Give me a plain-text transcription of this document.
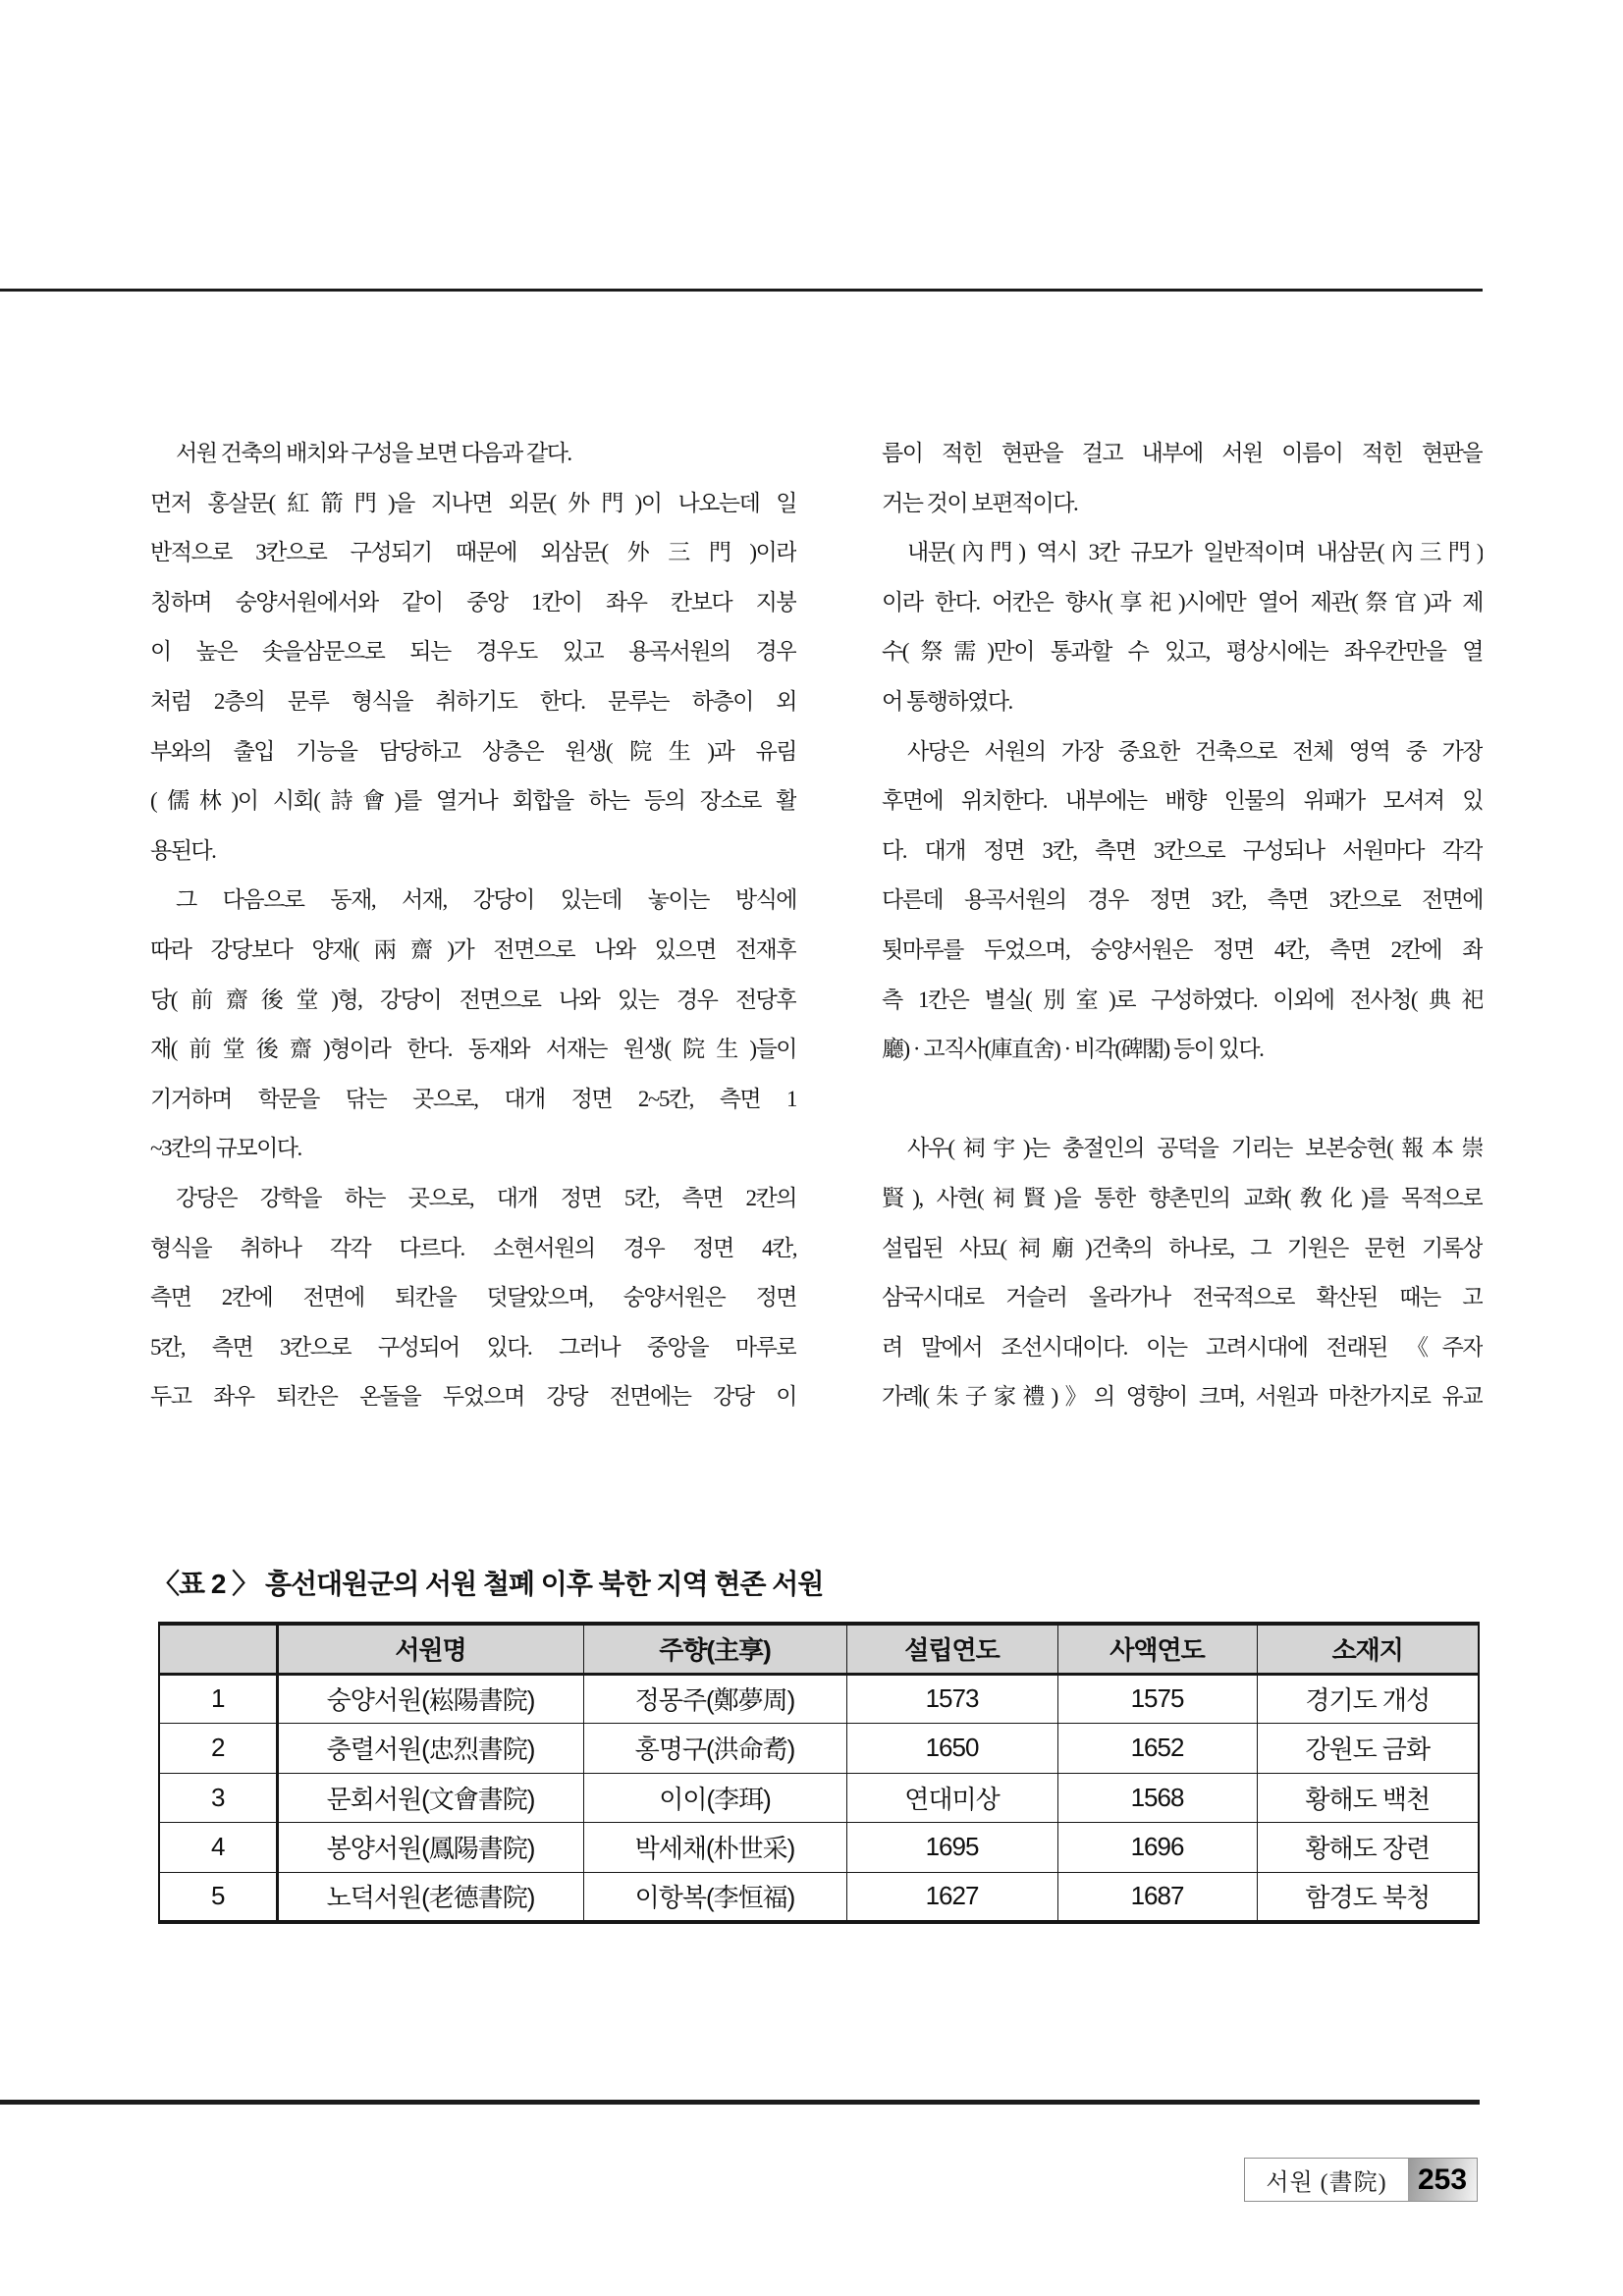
서원 건축의 배치와 구성을 보면 다음과 같다.
먼저 홍살문(紅箭門)을 지나면 외문(外門)이 나오는데 일
반적으로 3칸으로 구성되기 때문에 외삼문(外三門)이라
칭하며 숭양서원에서와 같이 중앙 1칸이 좌우 칸보다 지붕
이 높은 솟을삼문으로 되는 경우도 있고 용곡서원의 경우
처럼 2층의 문루 형식을 취하기도 한다. 문루는 하층이 외
부와의 출입 기능을 담당하고 상층은 원생(院生)과 유림
(儒林)이 시회(詩會)를 열거나 회합을 하는 등의 장소로 활
용된다.
그 다음으로 동재, 서재, 강당이 있는데 놓이는 방식에
따라 강당보다 양재(兩齋)가 전면으로 나와 있으면 전재후
당(前齋後堂)형, 강당이 전면으로 나와 있는 경우 전당후
재(前堂後齋)형이라 한다. 동재와 서재는 원생(院生)들이
기거하며 학문을 닦는 곳으로, 대개 정면 2~5칸, 측면 1
~3칸의 규모이다.
강당은 강학을 하는 곳으로, 대개 정면 5칸, 측면 2칸의
형식을 취하나 각각 다르다. 소현서원의 경우 정면 4칸,
측면 2칸에 전면에 퇴칸을 덧달았으며, 숭양서원은 정면
5칸, 측면 3칸으로 구성되어 있다. 그러나 중앙을 마루로
두고 좌우 퇴칸은 온돌을 두었으며 강당 전면에는 강당 이
름이 적힌 현판을 걸고 내부에 서원 이름이 적힌 현판을
거는 것이 보편적이다.
내문(內門) 역시 3칸 규모가 일반적이며 내삼문(內三門)
이라 한다. 어칸은 향사(享祀)시에만 열어 제관(祭官)과 제
수(祭需)만이 통과할 수 있고, 평상시에는 좌우칸만을 열
어 통행하였다.
사당은 서원의 가장 중요한 건축으로 전체 영역 중 가장
후면에 위치한다. 내부에는 배향 인물의 위패가 모셔져 있
다. 대개 정면 3칸, 측면 3칸으로 구성되나 서원마다 각각
다른데 용곡서원의 경우 정면 3칸, 측면 3칸으로 전면에
툇마루를 두었으며, 숭양서원은 정면 4칸, 측면 2칸에 좌
측 1칸은 별실(別室)로 구성하였다. 이외에 전사청(典祀
廳) · 고직사(庫直舍) · 비각(碑閣) 등이 있다.
사우(祠宇)는 충절인의 공덕을 기리는 보본숭현(報本崇
賢), 사현(祠賢)을 통한 향촌민의 교화(敎化)를 목적으로
설립된 사묘(祠廟)건축의 하나로, 그 기원은 문헌 기록상
삼국시대로 거슬러 올라가나 전국적으로 확산된 때는 고
려 말에서 조선시대이다. 이는 고려시대에 전래된 《주자
가례(朱子家禮)》의 영향이 크며, 서원과 마찬가지로 유교
〈표 2 〉 흥선대원군의 서원 철폐 이후 북한 지역 현존 서원
	서원명	주향(主享)	설립연도	사액연도	소재지
1	숭양서원(崧陽書院)	정몽주(鄭夢周)	1573	1575	경기도 개성
2	충렬서원(忠烈書院)	홍명구(洪命耉)	1650	1652	강원도 금화
3	문회서원(文會書院)	이이(李珥)	연대미상	1568	황해도 백천
4	봉양서원(鳳陽書院)	박세채(朴世采)	1695	1696	황해도 장련
5	노덕서원(老德書院)	이항복(李恒福)	1627	1687	함경도 북청
서원 (書院)	253
